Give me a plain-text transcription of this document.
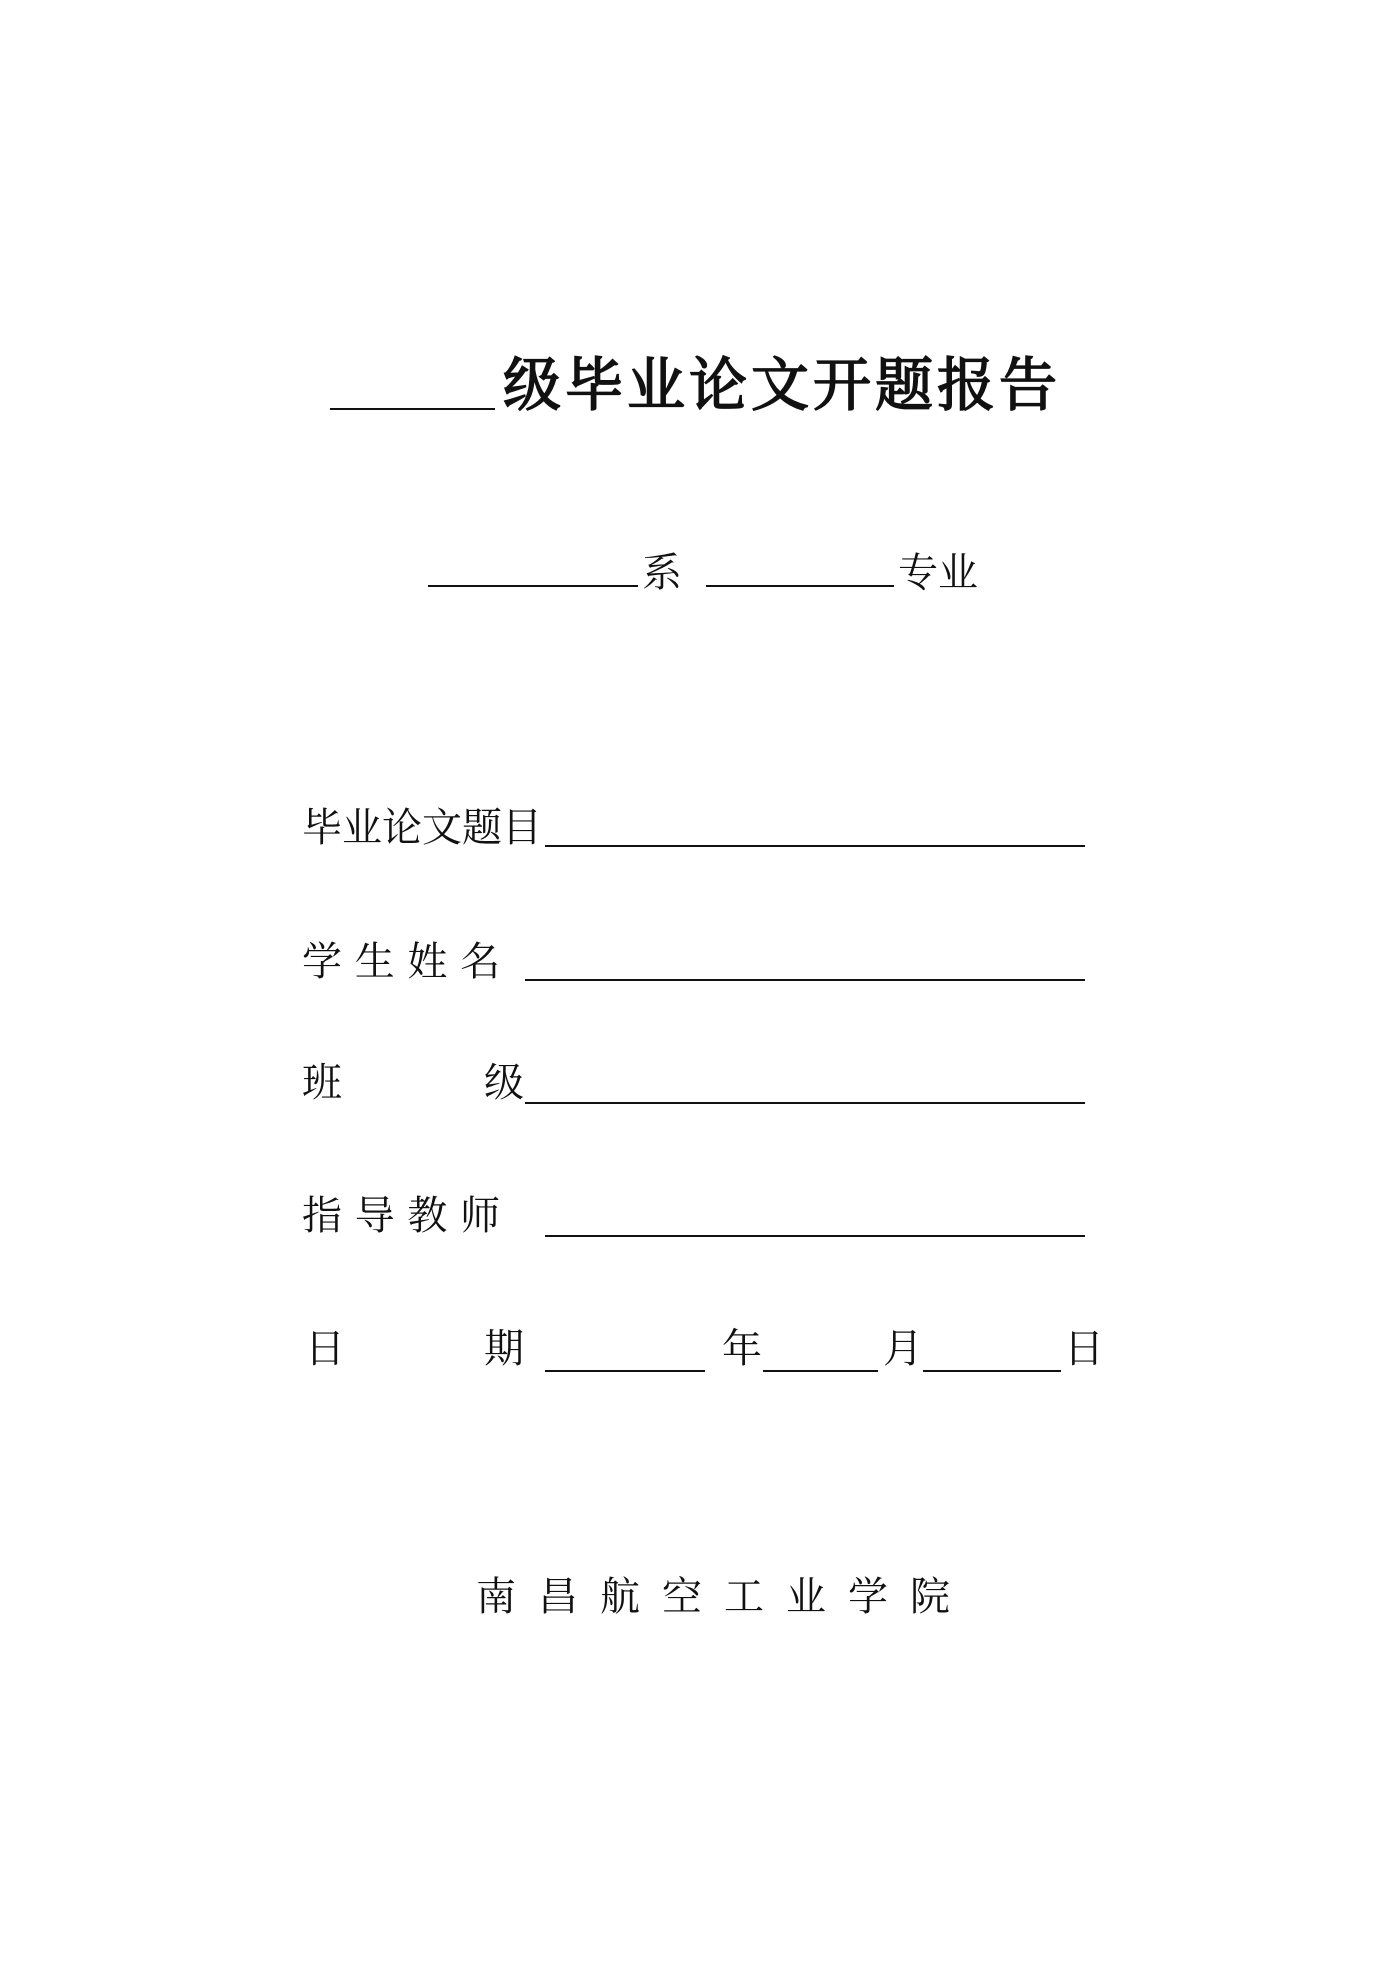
级毕业论文开题报告
系	专业
毕业论文题目
学 生 姓 名
班	级
指 导 教 师
日	期	年	月	日
南昌航空工业学院
